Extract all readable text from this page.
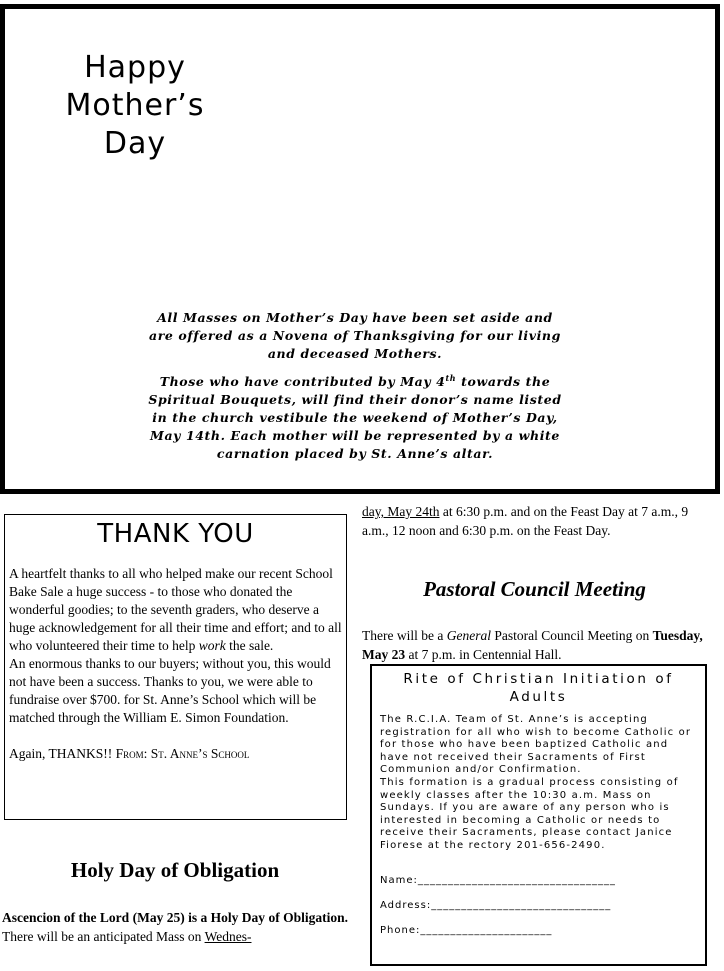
Happy
Mother’s
Day

All Masses on Mother’s Day have been set aside and are offered as a Novena of Thanksgiving for our living and deceased Mothers.

Those who have contributed by May 4th towards the Spiritual Bouquets, will find their donor’s name listed in the church vestibule the weekend of Mother’s Day, May 14th. Each mother will be represented by a white carnation placed by St. Anne’s altar.

THANK YOU

A heartfelt thanks to all who helped make our recent School Bake Sale a huge success - to those who donated the wonderful goodies; to the seventh graders, who deserve a huge acknowledgement for all their time and effort; and to all who volunteered their time to help work the sale.

An enormous thanks to our buyers; without you, this would not have been a success. Thanks to you, we were able to fundraise over $700. for St. Anne’s School which will be matched through the William E. Simon Foundation.

Again, THANKS!! From: St. Anne’s School

Holy Day of Obligation
Ascencion of the Lord (May 25) is a Holy Day of Obligation. There will be an anticipated Mass on Wednes-
day, May 24th at 6:30 p.m. and on the Feast Day at 7 a.m., 9 a.m., 12 noon and 6:30 p.m. on the Feast Day.
Pastoral Council Meeting
There will be a General Pastoral Council Meeting on Tuesday, May 23 at 7 p.m. in Centennial Hall.
Rite of Christian Initiation of Adults

The R.C.I.A. Team of St. Anne’s is accepting registration for all who wish to become Catholic or for those who have been baptized Catholic and have not received their Sacraments of First Communion and/or Confirmation.

This formation is a gradual process consisting of weekly classes after the 10:30 a.m. Mass on Sundays. If you are aware of any person who is interested in becoming a Catholic or needs to receive their Sacraments, please contact Janice Fiorese at the rectory 201-656-2490.

Name:_________________________________
Address:______________________________
Phone:______________________
